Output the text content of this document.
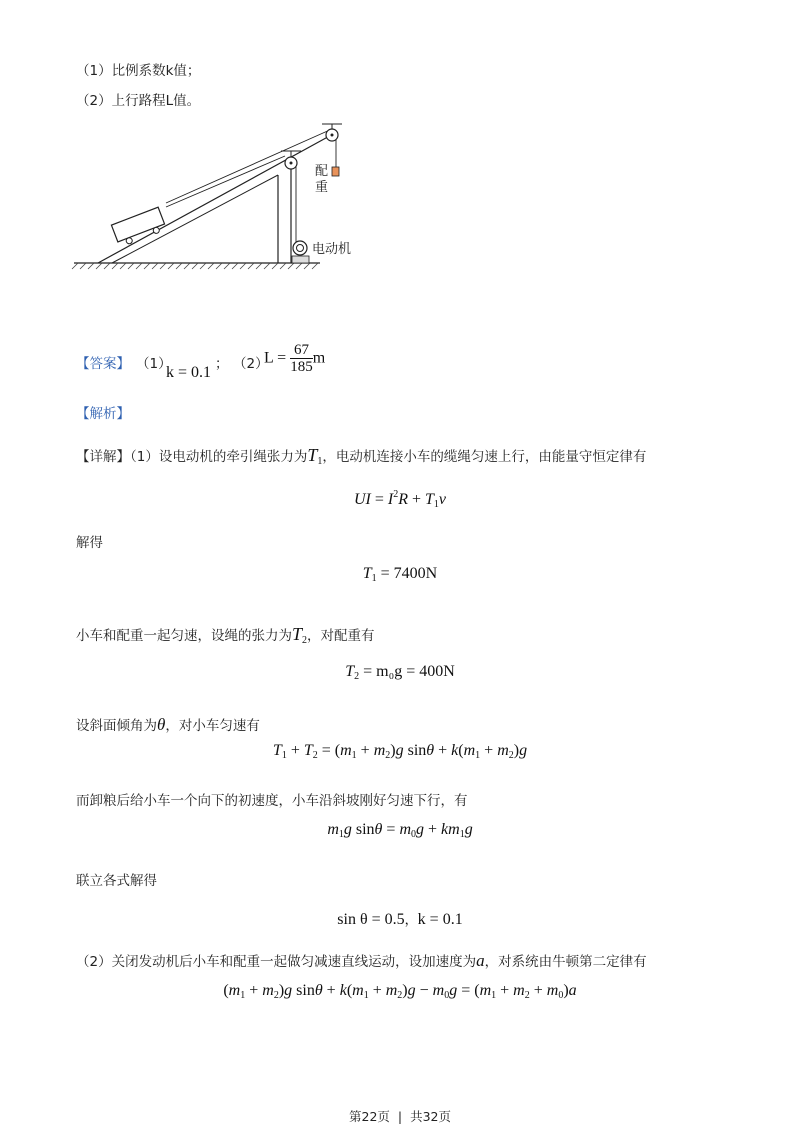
（1）比例系数k值；
（2）上行路程L值。
配
重
电动机
【答案】 （1）
k = 0.1 ； （2）
$L = \frac{67}{185}$ m
【解析】
【详解】（1）设电动机的牵引绳张力为$T_1$，电动机连接小车的缆绳匀速上行，由能量守恒定律有
UI = $I^2R + T_1v$
解得
$T_1 = 7400N$
小车和配重一起匀速，设绳的张力为$T_2$，对配重有
$T_2 = m_0g = 400N$
设斜面倾角为θ，对小车匀速有
$T_1 + T_2 = (m_1 + m_2)g$ $\sin\theta + k(m_1 + m_2)g$
而卸粮后给小车一个向下的初速度，小车沿斜坡刚好匀速下行，有
$m_1g$ $\sin\theta = m_0g + km_1g$
联立各式解得
sin θ = 0.5，k = 0.1
（2）关闭发动机后小车和配重一起做匀减速直线运动，设加速度为a，对系统由牛顿第二定律有
$(m_1 + m_2)g$ $\sin\theta + k(m_1 + m_2)g - m_0g = (m_1 + m_2 + m_0)a$
第22页 | 共32页
